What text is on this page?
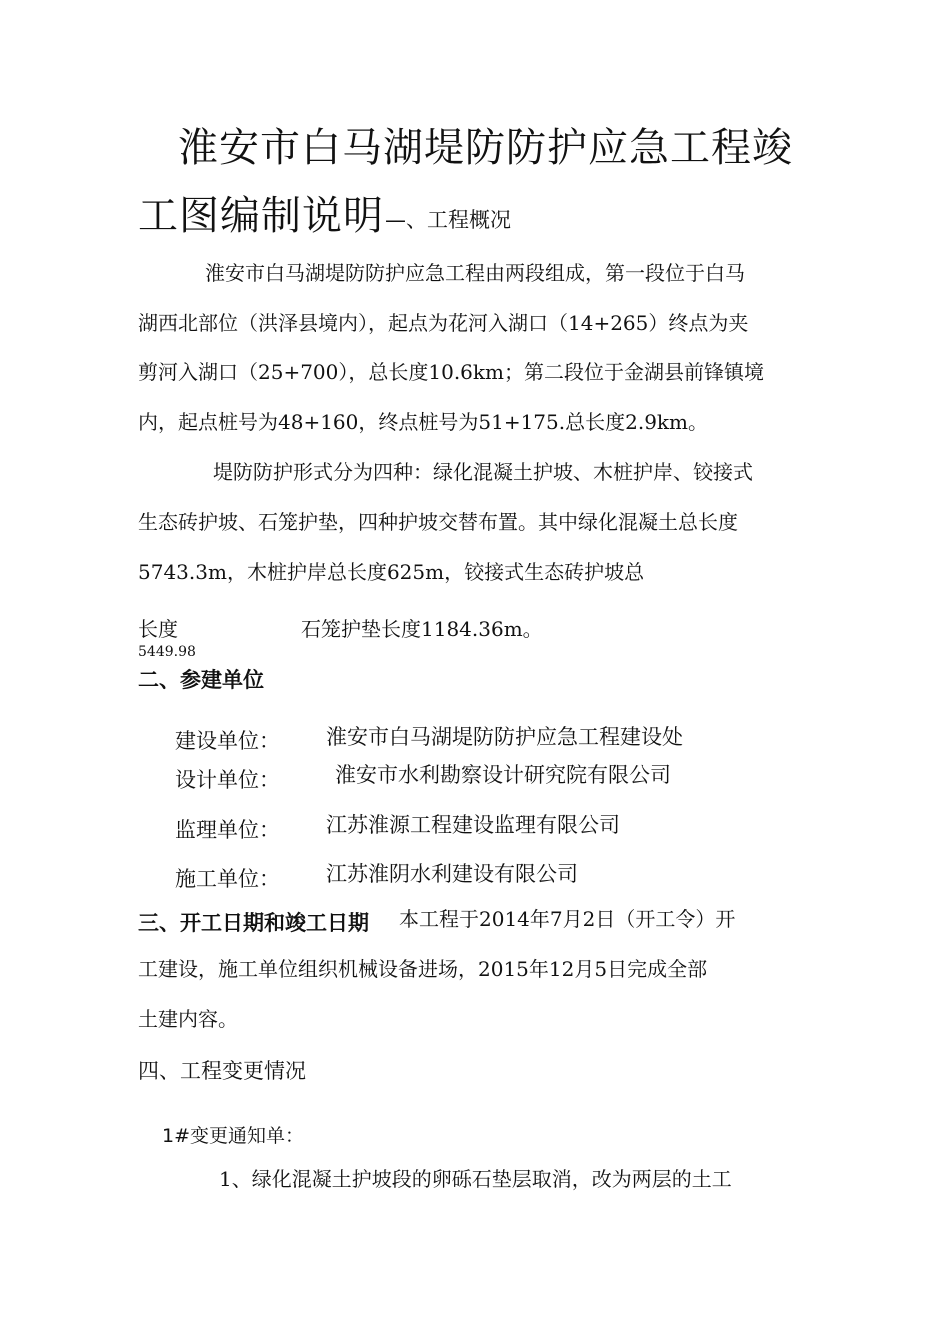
淮安市白马湖堤防防护应急工程竣
工图编制说明 —、工程概况
淮安市白马湖堤防防护应急工程由两段组成，第一段位于白马
湖西北部位（洪泽县境内），起点为花河入湖口（14+265）终点为夹
剪河入湖口（25+700），总长度10.6km；第二段位于金湖县前锋镇境
内，起点桩号为48+160，终点桩号为51+175.总长度2.9km。
堤防防护形式分为四种：绿化混凝土护坡、木桩护岸、铰接式
生态砖护坡、石笼护垫，四种护坡交替布置。其中绿化混凝土总长度
5743.3m，木桩护岸总长度625m，铰接式生态砖护坡总
长度	石笼护垫长度1184.36m。
5449.98
二、参建单位
建设单位：	淮安市白马湖堤防防护应急工程建设处
设计单位：	淮安市水利勘察设计研究院有限公司
监理单位：	江苏淮源工程建设监理有限公司
施工单位：	江苏淮阴水利建设有限公司
三、开工日期和竣工日期 本工程于2014年7月2日（开工令）开
工建设，施工单位组织机械设备进场，2015年12月5日完成全部
土建内容。
四、工程变更情况
1#变更通知单：
1、绿化混凝土护坡段的卵砾石垫层取消，改为两层的土工
